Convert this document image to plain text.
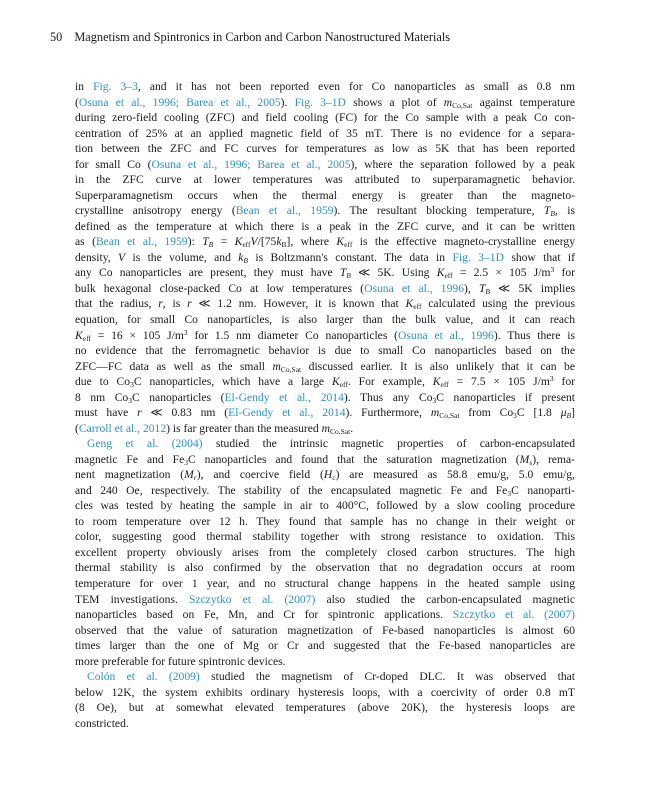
50 Magnetism and Spintronics in Carbon and Carbon Nanostructured Materials
in Fig. 3–3, and it has not been reported even for Co nanoparticles as small as 0.8 nm
(Osuna et al., 1996; Barea et al., 2005). Fig. 3–1D shows a plot of $m_{Co,Sat}$ against temperature
during zero-field cooling (ZFC) and field cooling (FC) for the Co sample with a peak Co con-
centration of 25% at an applied magnetic field of 35 mT. There is no evidence for a separa-
tion between the ZFC and FC curves for temperatures as low as 5K that has been reported
for small Co (Osuna et al., 1996; Barea et al., 2005), where the separation followed by a peak
in the ZFC curve at lower temperatures was attributed to superparamagnetic behavior.
Superparamagnetism occurs when the thermal energy is greater than the magneto-
crystalline anisotropy energy (Bean et al., 1959). The resultant blocking temperature, $T_B$, is
defined as the temperature at which there is a peak in the ZFC curve, and it can be written
as (Bean et al., 1959): $T_B = K_{eff}V/[75k_B]$, where $K_{eff}$ is the effective magneto-crystalline energy
density, V is the volume, and $k_B$ is Boltzmann's constant. The data in Fig. 3–1D show that if
any Co nanoparticles are present, they must have $T_B$ ≪ 5K. Using $K_{eff} = 2.5 \times 105$ $J/m^3$ for
bulk hexagonal close-packed Co at low temperatures (Osuna et al., 1996), $T_B$ ≪ 5K implies
that the radius, r, is r ≪ 1.2 nm. However, it is known that $K_{eff}$ calculated using the previous
equation, for small Co nanoparticles, is also larger than the bulk value, and it can reach
$K_{eff} = 16 \times 105$ $J/m^3$ for 1.5 nm diameter Co nanoparticles (Osuna et al., 1996). Thus there is
no evidence that the ferromagnetic behavior is due to small Co nanoparticles based on the
ZFC—FC data as well as the small $m_{Co,Sat}$ discussed earlier. It is also unlikely that it can be
due to $Co_3C$ nanoparticles, which have a large $K_{eff}$. For example, $K_{eff} = 7.5 \times 105$ $J/m^3$ for
8 nm $Co_3C$ nanoparticles (El-Gendy et al., 2014). Thus any $Co_3C$ nanoparticles if present
must have r ≪ 0.83 nm (El-Gendy et al., 2014). Furthermore, $m_{Co,Sat}$ from $Co_3C$ [1.8 $\mu_B$]
(Carroll et al., 2012) is far greater than the measured $m_{Co,Sat}$.
Geng et al. (2004) studied the intrinsic magnetic properties of carbon-encapsulated
magnetic Fe and $Fe_3C$ nanoparticles and found that the saturation magnetization $(M_s)$, rema-
nent magnetization $(M_r)$, and coercive field $(H_c)$ are measured as 58.8 emu/g, 5.0 emu/g,
and 240 Oe, respectively. The stability of the encapsulated magnetic Fe and $Fe_3C$ nanoparti-
cles was tested by heating the sample in air to 400°C, followed by a slow cooling procedure
to room temperature over 12 h. They found that sample has no change in their weight or
color, suggesting good thermal stability together with strong resistance to oxidation. This
excellent property obviously arises from the completely closed carbon structures. The high
thermal stability is also confirmed by the observation that no degradation occurs at room
temperature for over 1 year, and no structural change happens in the heated sample using
TEM investigations. Szczytko et al. (2007) also studied the carbon-encapsulated magnetic
nanoparticles based on Fe, Mn, and Cr for spintronic applications. Szczytko et al. (2007)
observed that the value of saturation magnetization of Fe-based nanoparticles is almost 60
times larger than the one of Mg or Cr and suggested that the Fe-based nanoparticles are
more preferable for future spintronic devices.
Colón et al. (2009) studied the magnetism of Cr-doped DLC. It was observed that
below 12K, the system exhibits ordinary hysteresis loops, with a coercivity of order 0.8 mT
(8 Oe), but at somewhat elevated temperatures (above 20K), the hysteresis loops are
constricted.
